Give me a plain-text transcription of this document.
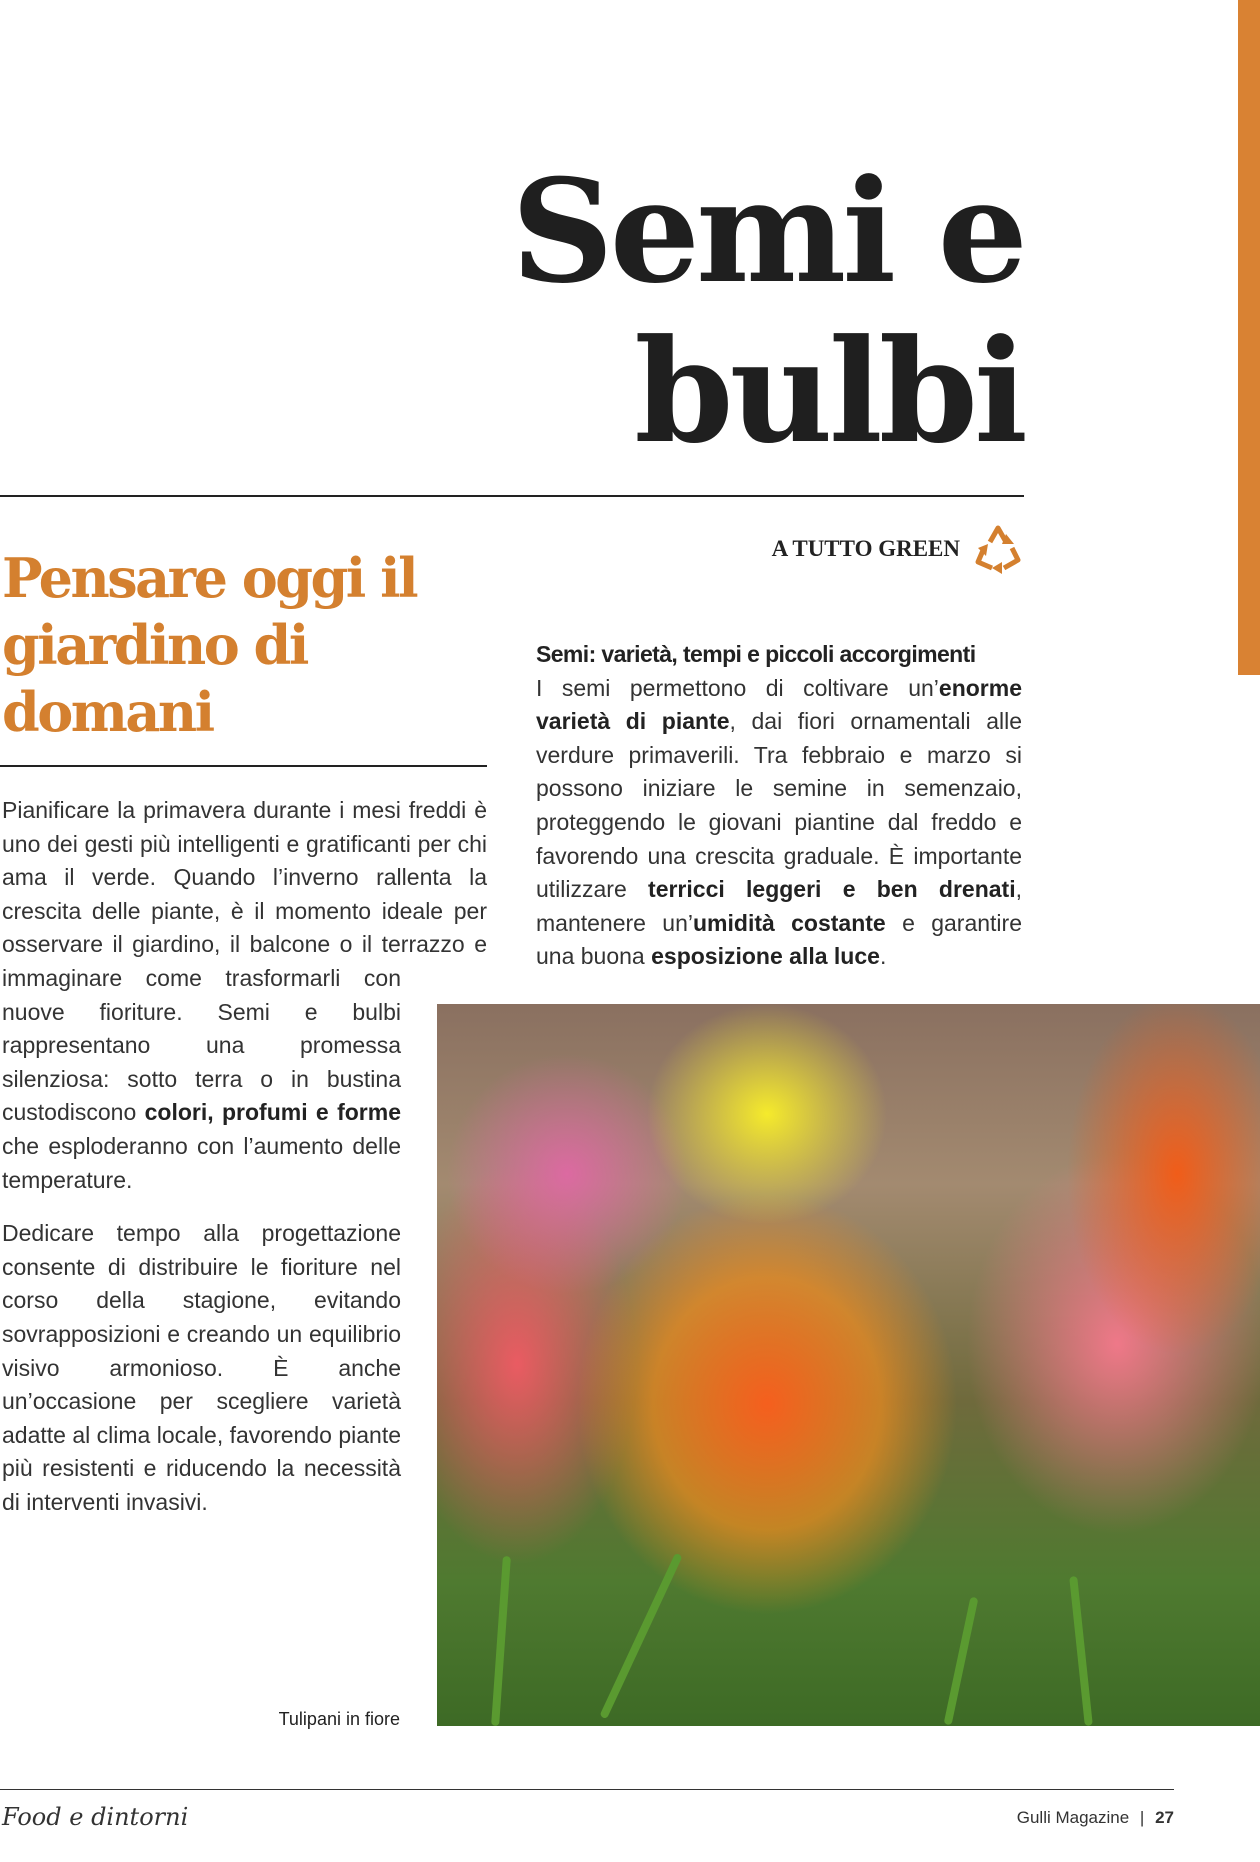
Semi e
bulbi
A TUTTO GREEN
Pensare oggi il giardino di domani

Pianificare la primavera durante i mesi freddi è uno dei gesti più intelligenti e gratificanti per chi ama il verde. Quando l’inverno rallenta la crescita delle piante, è il momento ideale per osservare il giardino, il balcone o il terrazzo e immaginare come trasformarli con nuove fioriture. Semi e bulbi rappresentano una promessa silenziosa: sotto terra o in bustina custodiscono colori, profumi e forme che esploderanno con l’aumento delle temperature.

Dedicare tempo alla progettazione consente di distribuire le fioriture nel corso della stagione, evitando sovrapposizioni e creando un equilibrio visivo armonioso. È anche un’occasione per scegliere varietà adatte al clima locale, favorendo piante più resistenti e riducendo la necessità di interventi invasivi.

Semi: varietà, tempi e piccoli accorgimenti

I semi permettono di coltivare un’enorme varietà di piante, dai fiori ornamentali alle verdure primaverili. Tra febbraio e marzo si possono iniziare le semine in semenzaio, proteggendo le giovani piantine dal freddo e favorendo una crescita graduale. È importante utilizzare terricci leggeri e ben drenati, mantenere un’umidità costante e garantire una buona esposizione alla luce.

Tulipani in fiore
Food e dintorni	Gulli Magazine | 27
